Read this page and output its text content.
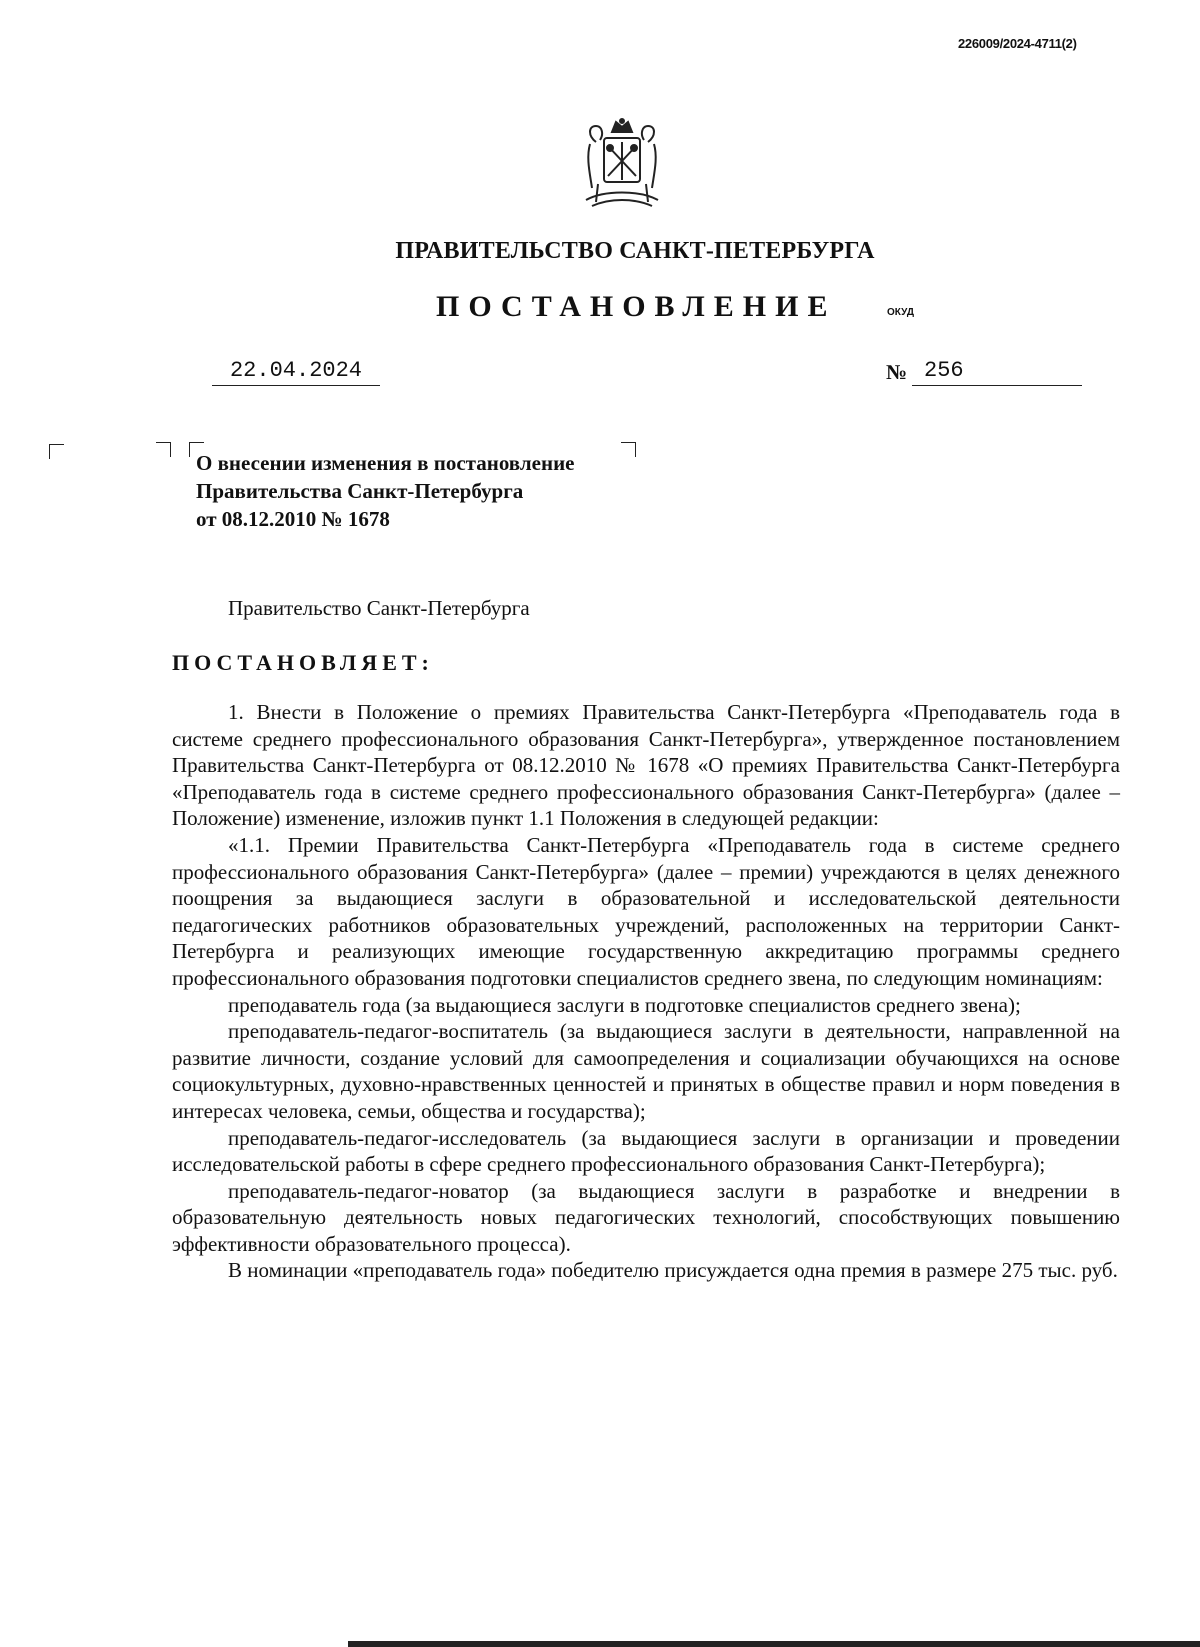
226009/2024-4711(2)
ПРАВИТЕЛЬСТВО САНКТ-ПЕТЕРБУРГА
ПОСТАНОВЛЕНИЕ	ОКУД
22.04.2024	№ 256
О внесении изменения в постановление
Правительства Санкт-Петербурга
от 08.12.2010 № 1678
Правительство Санкт-Петербурга
ПОСТАНОВЛЯЕТ:

1. Внести в Положение о премиях Правительства Санкт-Петербурга «Преподаватель года в системе среднего профессионального образования Санкт-Петербурга», утвержденное постановлением Правительства Санкт-Петербурга от 08.12.2010 № 1678 «О премиях Правительства Санкт-Петербурга «Преподаватель года в системе среднего профессионального образования Санкт-Петербурга» (далее – Положение) изменение, изложив пункт 1.1 Положения в следующей редакции:

«1.1. Премии Правительства Санкт-Петербурга «Преподаватель года в системе среднего профессионального образования Санкт-Петербурга» (далее – премии) учреждаются в целях денежного поощрения за выдающиеся заслуги в образовательной и исследовательской деятельности педагогических работников образовательных учреждений, расположенных на территории Санкт-Петербурга и реализующих имеющие государственную аккредитацию программы среднего профессионального образования подготовки специалистов среднего звена, по следующим номинациям:

преподаватель года (за выдающиеся заслуги в подготовке специалистов среднего звена);

преподаватель-педагог-воспитатель (за выдающиеся заслуги в деятельности, направленной на развитие личности, создание условий для самоопределения и социализации обучающихся на основе социокультурных, духовно-нравственных ценностей и принятых в обществе правил и норм поведения в интересах человека, семьи, общества и государства);

преподаватель-педагог-исследователь (за выдающиеся заслуги в организации и проведении исследовательской работы в сфере среднего профессионального образования Санкт-Петербурга);

преподаватель-педагог-новатор (за выдающиеся заслуги в разработке и внедрении в образовательную деятельность новых педагогических технологий, способствующих повышению эффективности образовательного процесса).

В номинации «преподаватель года» победителю присуждается одна премия в размере 275 тыс. руб.
